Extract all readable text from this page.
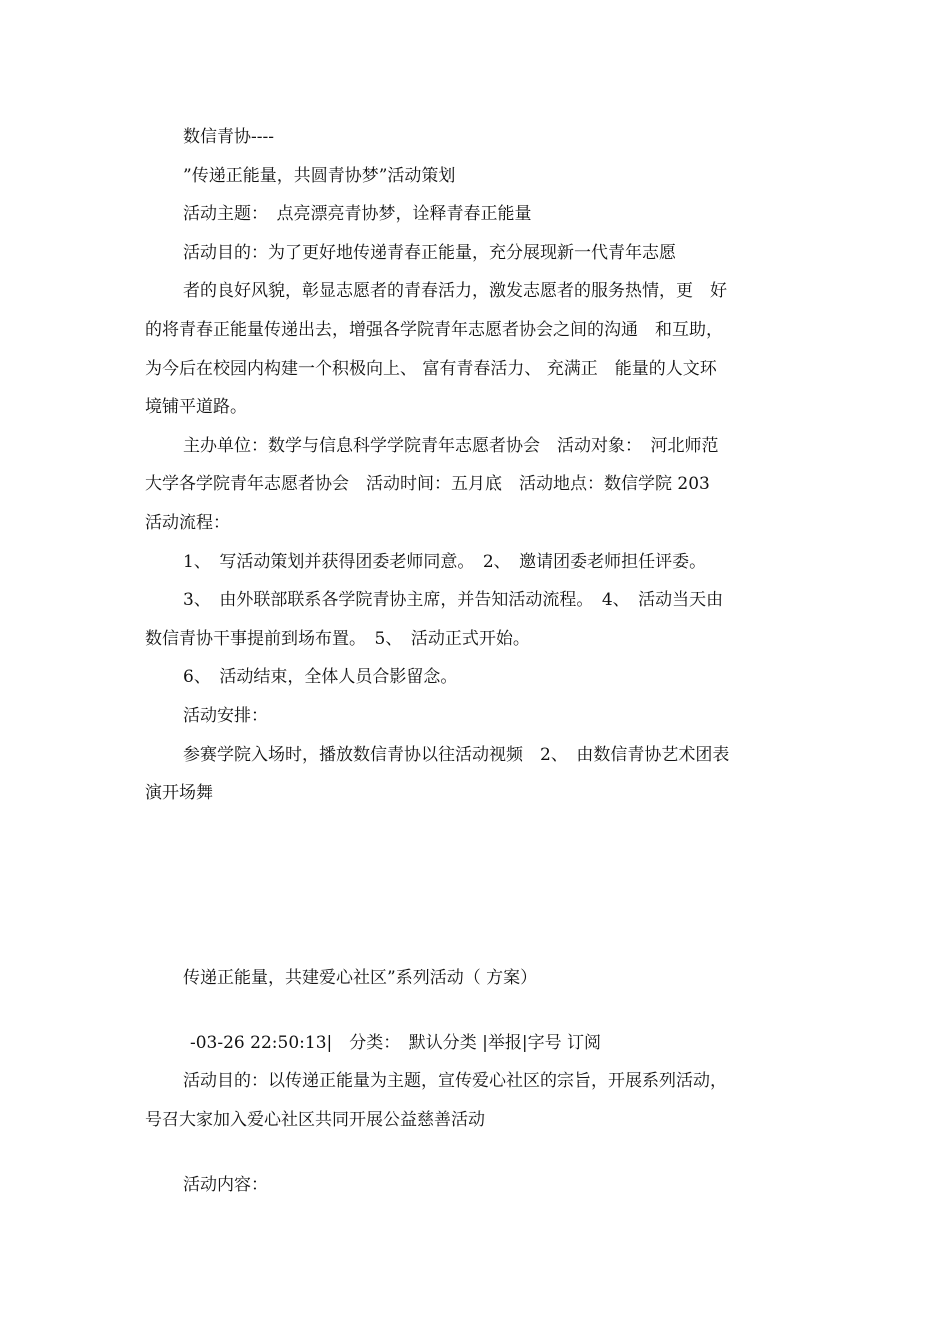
数信青协----

”传递正能量，共圆青协梦”活动策划

活动主题：　点亮漂亮青协梦，诠释青春正能量

活动目的：为了更好地传递青春正能量，充分展现新一代青年志愿

者的良好风貌，彰显志愿者的青春活力，激发志愿者的服务热情，更　好

的将青春正能量传递出去，增强各学院青年志愿者协会之间的沟通　和互助，

为今后在校园内构建一个积极向上、 富有青春活力、 充满正　能量的人文环

境铺平道路。

主办单位：数学与信息科学学院青年志愿者协会　活动对象：　河北师范

大学各学院青年志愿者协会　活动时间：五月底　活动地点：数信学院 203

活动流程：

1、　写活动策划并获得团委老师同意。　2、　邀请团委老师担任评委。

3、　由外联部联系各学院青协主席，并告知活动流程。　4、　活动当天由

数信青协干事提前到场布置。　5、　活动正式开始。

6、　活动结束，全体人员合影留念。

活动安排：

参赛学院入场时，播放数信青协以往活动视频　2、　由数信青协艺术团表

演开场舞

传递正能量，共建爱心社区”系列活动（ 方案）

-03-26 22:50:13|　分类：　默认分类 |举报|字号 订阅

活动目的：以传递正能量为主题，宣传爱心社区的宗旨，开展系列活动，

号召大家加入爱心社区共同开展公益慈善活动

活动内容：
